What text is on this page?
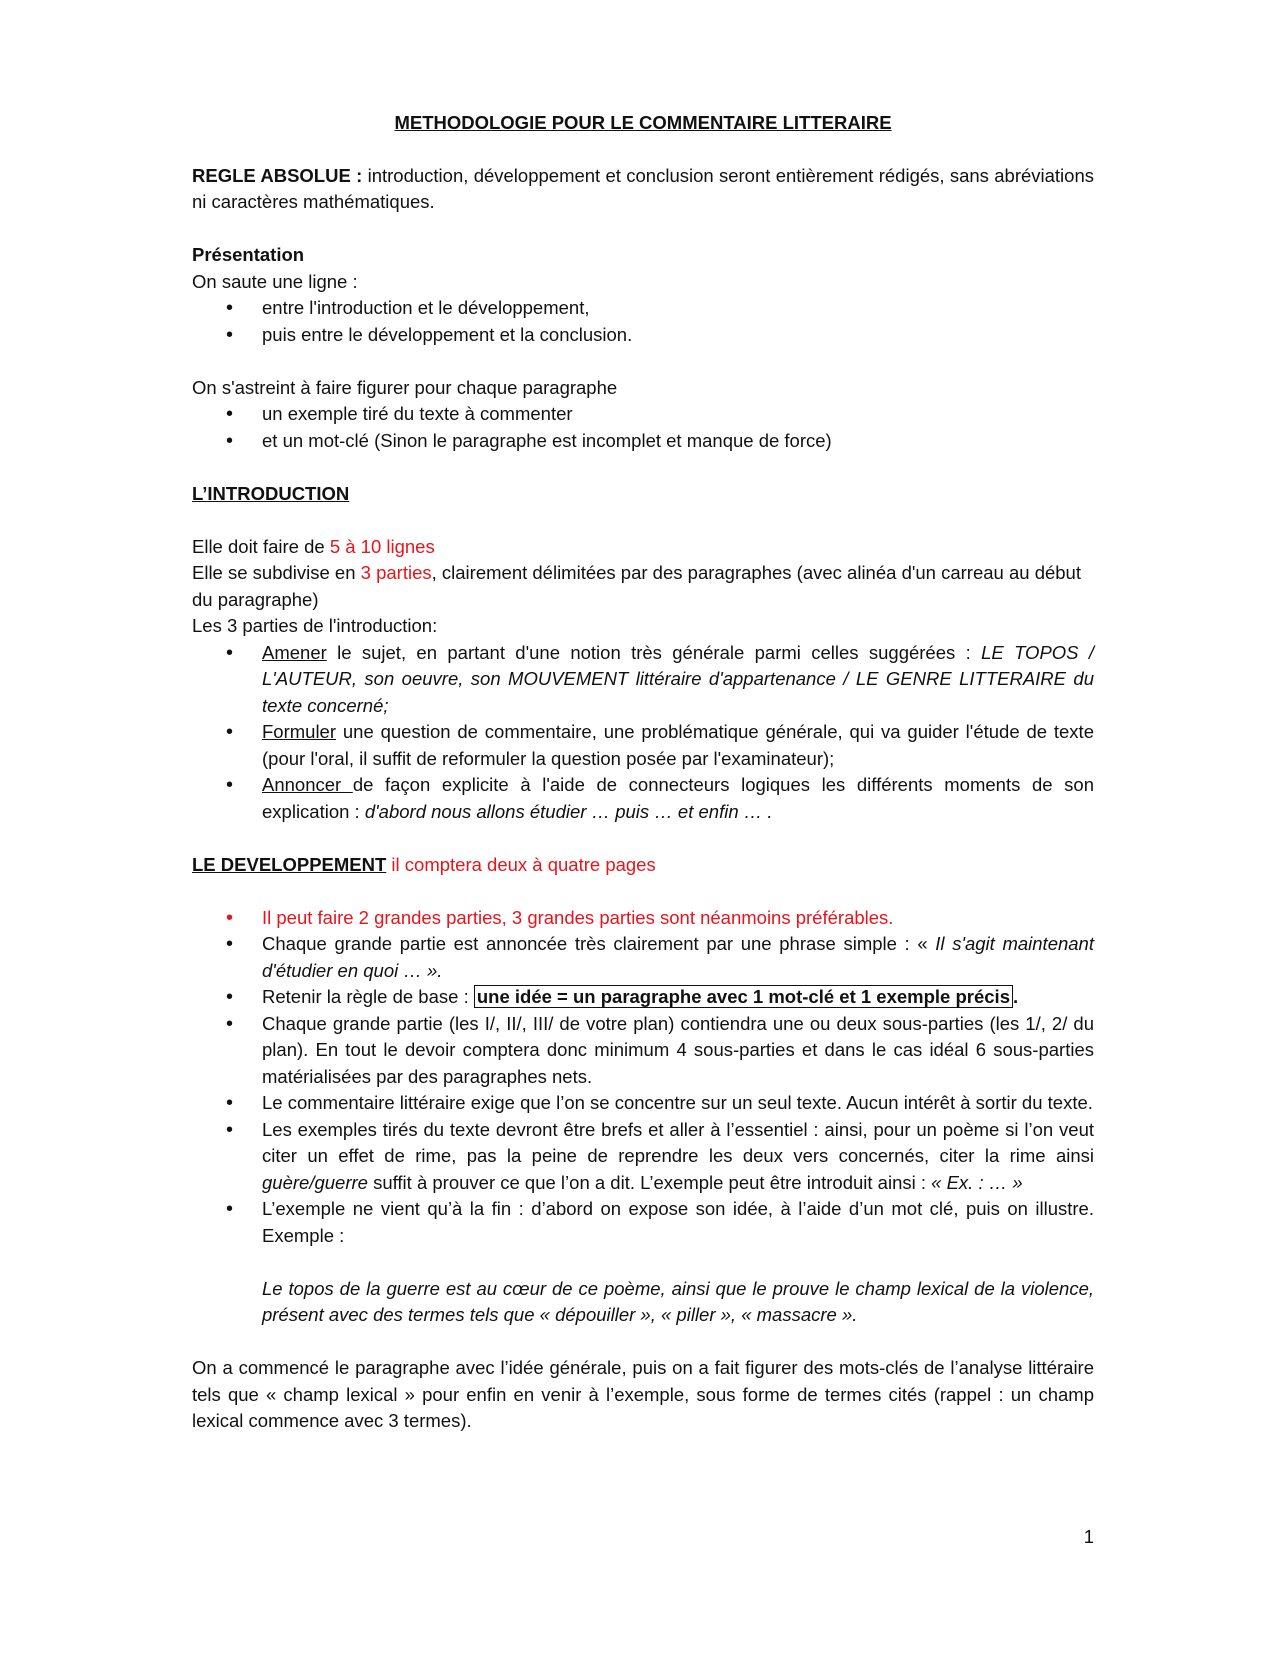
METHODOLOGIE POUR LE COMMENTAIRE LITTERAIRE

REGLE ABSOLUE : introduction, développement et conclusion seront entièrement rédigés, sans abréviations ni caractères mathématiques.

Présentation

On saute une ligne :

• entre l'introduction et le développement,
• puis entre le développement et la conclusion.

On s'astreint à faire figurer pour chaque paragraphe

• un exemple tiré du texte à commenter
• et un mot-clé (Sinon le paragraphe est incomplet et manque de force)

L’INTRODUCTION

Elle doit faire de 5 à 10 lignes

Elle se subdivise en 3 parties, clairement délimitées par des paragraphes (avec alinéa d'un carreau au début du paragraphe)

Les 3 parties de l'introduction:

• Amener le sujet, en partant d'une notion très générale parmi celles suggérées : LE TOPOS / L'AUTEUR, son oeuvre, son MOUVEMENT littéraire d'appartenance / LE GENRE LITTERAIRE du texte concerné;
• Formuler une question de commentaire, une problématique générale, qui va guider l'étude de texte (pour l'oral, il suffit de reformuler la question posée par l'examinateur);
• Annoncer de façon explicite à l'aide de connecteurs logiques les différents moments de son explication : d'abord nous allons étudier … puis … et enfin … .

LE DEVELOPPEMENT il comptera deux à quatre pages

• Il peut faire 2 grandes parties, 3 grandes parties sont néanmoins préférables.
• Chaque grande partie est annoncée très clairement par une phrase simple : « Il s'agit maintenant d'étudier en quoi … ».
• Retenir la règle de base : une idée = un paragraphe avec 1 mot-clé et 1 exemple précis .
• Chaque grande partie (les I/, II/, III/ de votre plan) contiendra une ou deux sous-parties (les 1/, 2/ du plan). En tout le devoir comptera donc minimum 4 sous-parties et dans le cas idéal 6 sous-parties matérialisées par des paragraphes nets.
• Le commentaire littéraire exige que l’on se concentre sur un seul texte. Aucun intérêt à sortir du texte.
• Les exemples tirés du texte devront être brefs et aller à l’essentiel : ainsi, pour un poème si l’on veut citer un effet de rime, pas la peine de reprendre les deux vers concernés, citer la rime ainsi guère/guerre suffit à prouver ce que l’on a dit. L’exemple peut être introduit ainsi : « Ex. : … »
• L’exemple ne vient qu’à la fin : d’abord on expose son idée, à l’aide d’un mot clé, puis on illustre. Exemple :

Le topos de la guerre est au cœur de ce poème, ainsi que le prouve le champ lexical de la violence, présent avec des termes tels que « dépouiller », « piller », « massacre ».

On a commencé le paragraphe avec l’idée générale, puis on a fait figurer des mots-clés de l’analyse littéraire tels que « champ lexical » pour enfin en venir à l’exemple, sous forme de termes cités (rappel : un champ lexical commence avec 3 termes).

1
